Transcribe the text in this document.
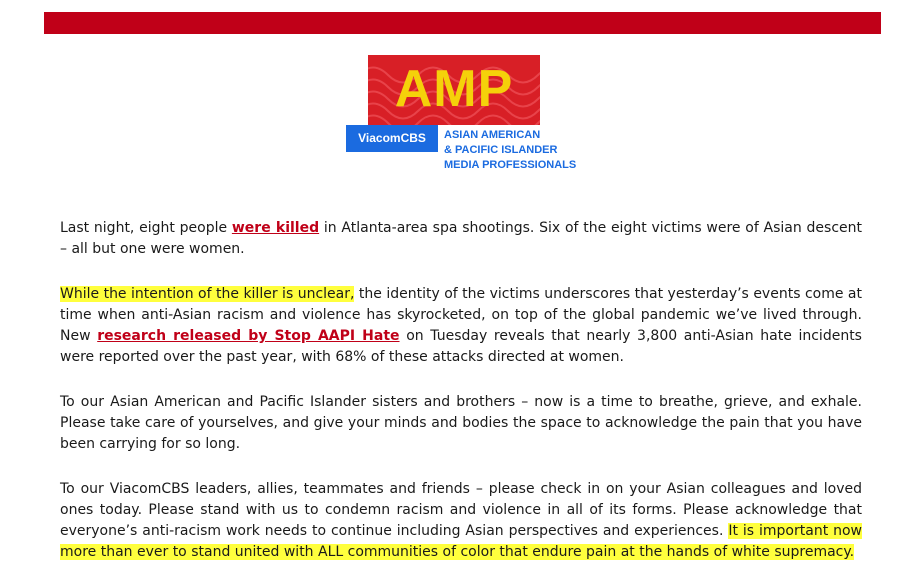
AMP
ViacomCBS	ASIAN AMERICAN
& PACIFIC ISLANDER
MEDIA PROFESSIONALS

Last night, eight people were killed in Atlanta-area spa shootings. Six of the eight victims were of Asian descent – all but one were women.

While the intention of the killer is unclear, the identity of the victims underscores that yesterday’s events come at time when anti-Asian racism and violence has skyrocketed, on top of the global pandemic we’ve lived through. New research released by Stop AAPI Hate on Tuesday reveals that nearly 3,800 anti-Asian hate incidents were reported over the past year, with 68% of these attacks directed at women.

To our Asian American and Pacific Islander sisters and brothers – now is a time to breathe, grieve, and exhale. Please take care of yourselves, and give your minds and bodies the space to acknowledge the pain that you have been carrying for so long.

To our ViacomCBS leaders, allies, teammates and friends – please check in on your Asian colleagues and loved ones today. Please stand with us to condemn racism and violence in all of its forms. Please acknowledge that everyone’s anti-racism work needs to continue including Asian perspectives and experiences. It is important now more than ever to stand united with ALL communities of color that endure pain at the hands of white supremacy.
